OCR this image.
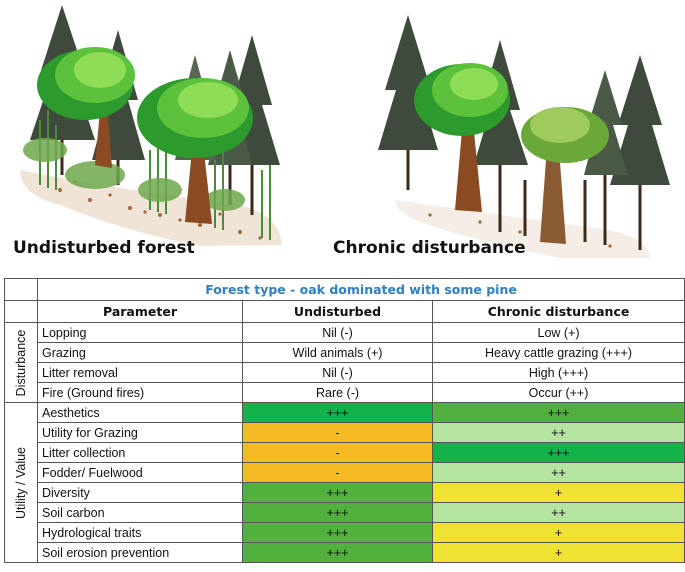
Undisturbed forest	Chronic disturbance
	Forest type - oak dominated with some pine		
	Parameter	Undisturbed	Chronic disturbance

Disturbance	Lopping	Nil (-)	Low (+)
	Grazing	Wild animals (+)	Heavy cattle grazing (+++)
	Litter removal	Nil (-)	High (+++)
	Fire (Ground fires)	Rare (-)	Occur (++)

Utility / Value	Aesthetics	+++	+++
	Utility for Grazing	-	++
	Litter collection	-	+++
	Fodder/ Fuelwood	-	++
	Diversity	+++	+
	Soil carbon	+++	++
	Hydrological traits	+++	+
	Soil erosion prevention	+++	+
